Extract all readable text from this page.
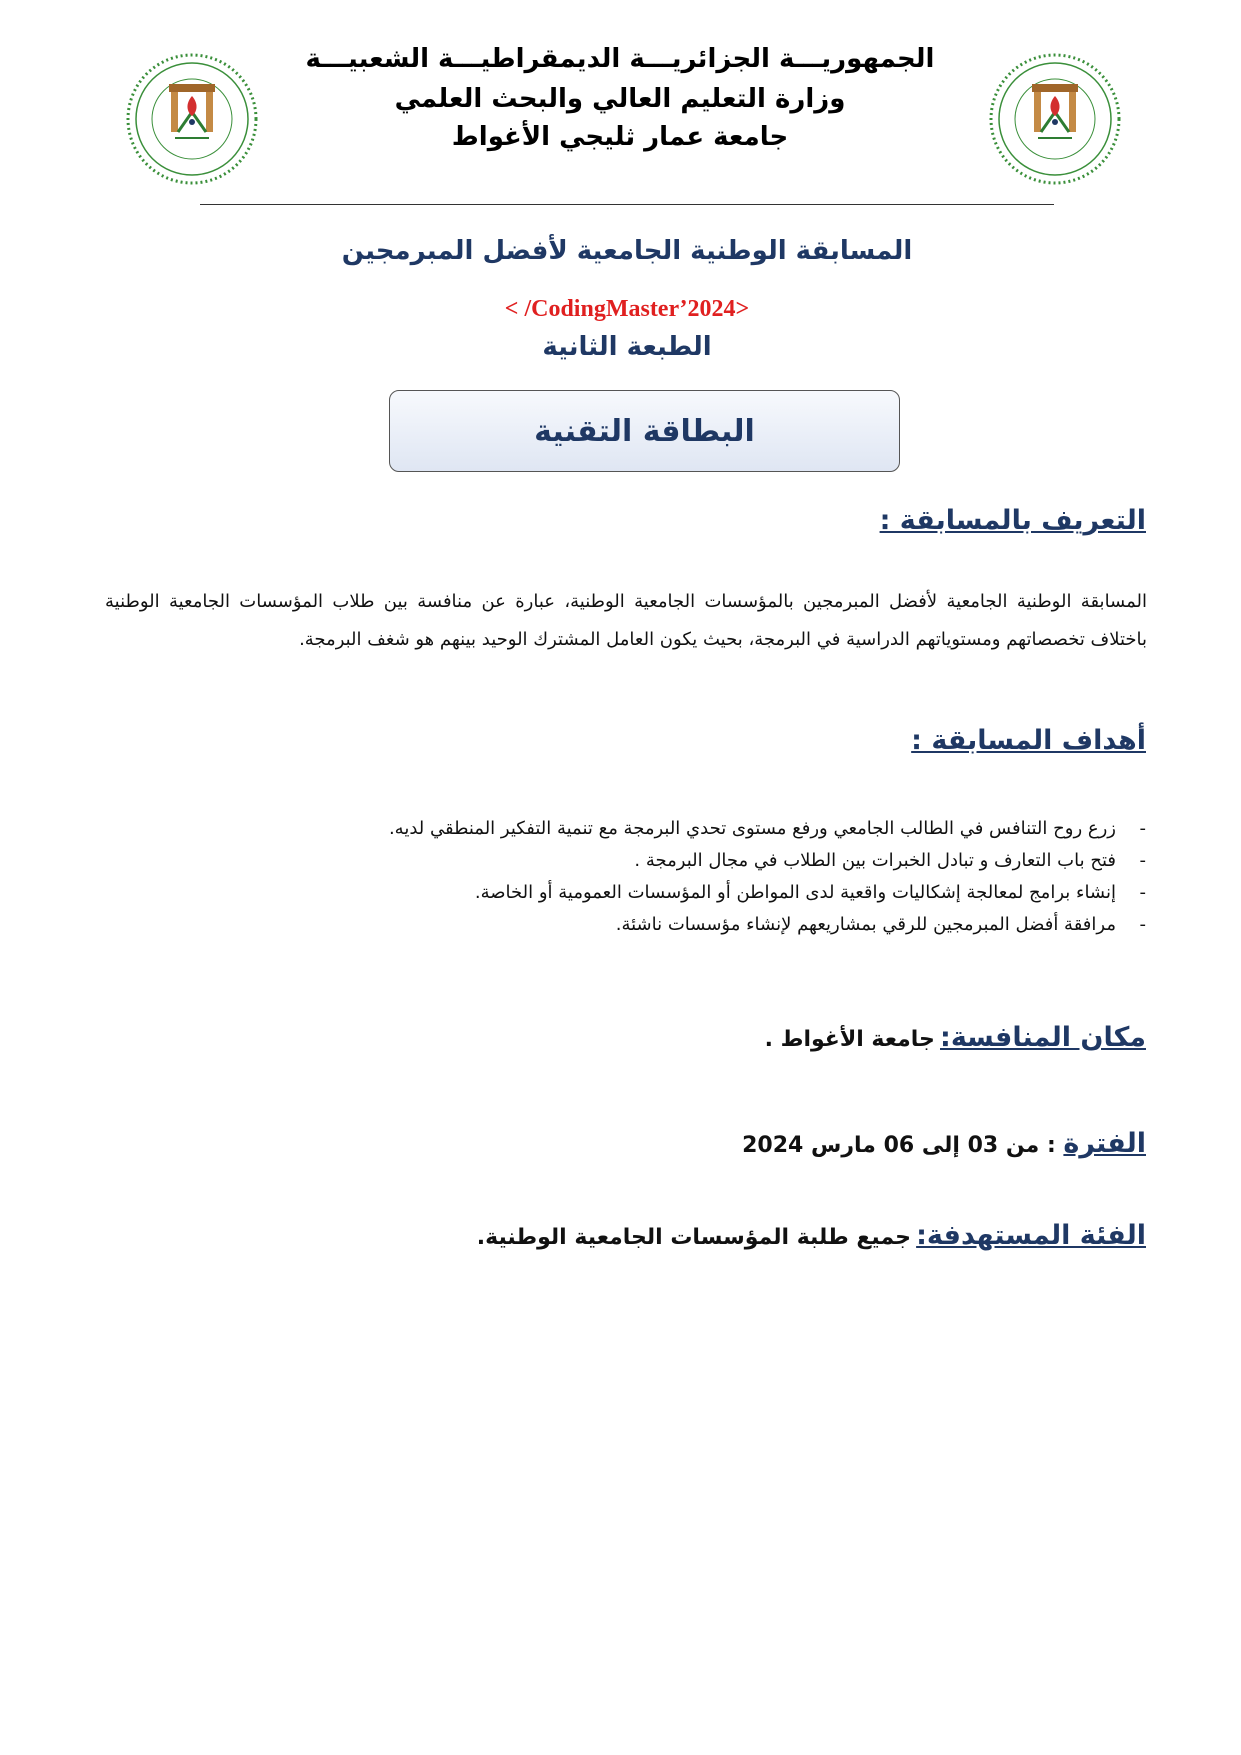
الجمهوريـــة الجزائريـــة الديمقراطيـــة الشعبيـــة
وزارة التعليم العالي والبحث العلمي
جامعة عمار ثليجي الأغواط
المسابقة الوطنية الجامعية لأفضل المبرمجين
< /CodingMaster’2024>
الطبعة الثانية
البطاقة التقنية
التعريف بالمسابقة :
المسابقة الوطنية الجامعية لأفضل المبرمجين بالمؤسسات الجامعية الوطنية، عبارة عن منافسة بين طلاب المؤسسات الجامعية الوطنية باختلاف تخصصاتهم ومستوياتهم الدراسية في البرمجة، بحيث يكون العامل المشترك الوحيد بينهم هو شغف البرمجة.
أهداف المسابقة :
-
زرع روح التنافس في الطالب الجامعي ورفع مستوى تحدي البرمجة مع تنمية التفكير المنطقي لديه.
-
فتح باب التعارف و تبادل الخبرات بين الطلاب في مجال البرمجة .
-
إنشاء برامج لمعالجة إشكاليات واقعية لدى المواطن أو المؤسسات العمومية أو الخاصة.
-
مرافقة أفضل المبرمجين للرقي بمشاريعهم لإنشاء مؤسسات ناشئة.
مكان المنافسة: جامعة الأغواط .
الفترة : من 03 إلى 06 مارس 2024
الفئة المستهدفة: جميع طلبة المؤسسات الجامعية الوطنية.
